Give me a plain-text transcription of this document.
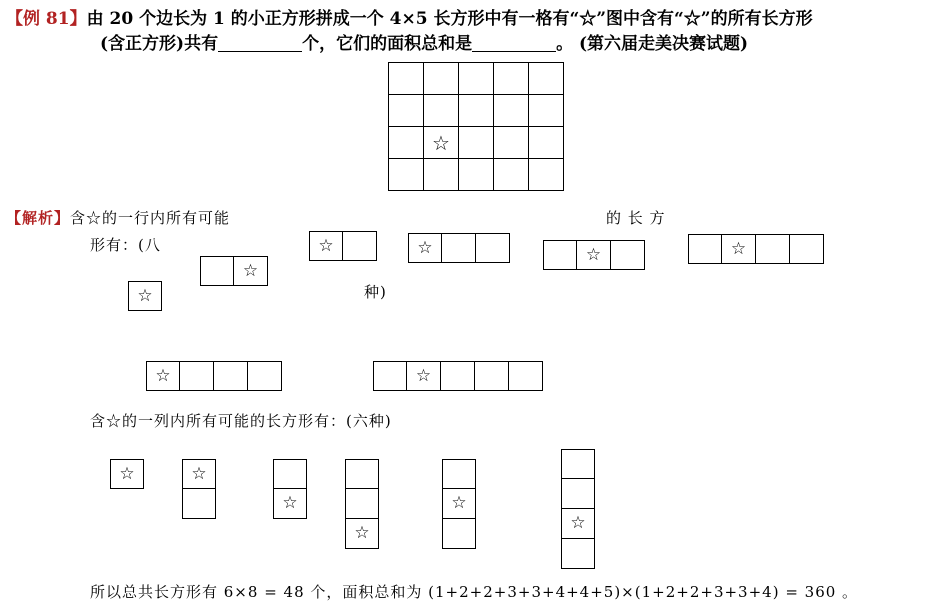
【例 81】由 20 个边长为 1 的小正方形拼成一个 4×5 长方形中有一格有“☆”图中含有“☆”的所有长方形
(含正方形)共有	个，它们的面积总和是	。 (第六届走美决赛试题)

	☆			

【解析】含☆的一行内所有可能	的 长 方
形有：(八
种)
含☆的一列内所有可能的长方形有：(六种)
所以总共长方形有 6×8 = 48 个，面积总和为 (1+2+2+3+3+4+4+5)×(1+2+2+3+3+4) = 360 。
☆
☆
☆	☆	☆	☆
☆	☆
☆	☆
☆
☆
☆
☆
